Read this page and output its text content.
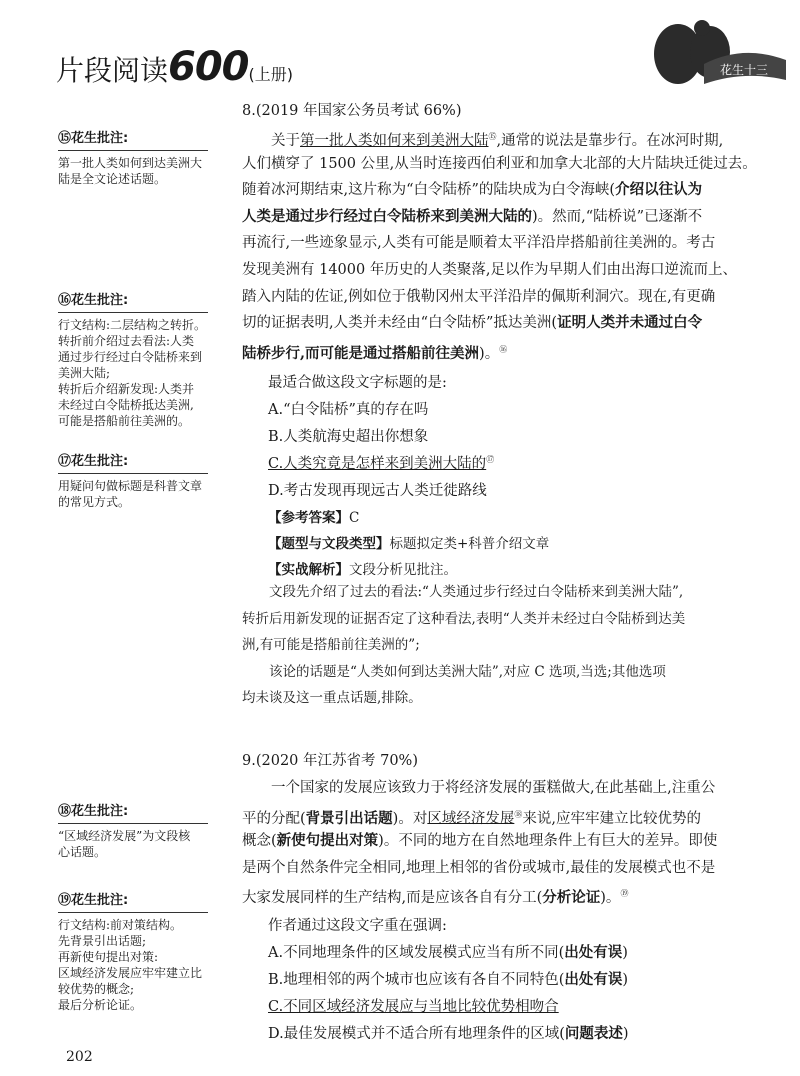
片段阅读600(上册)	花生十三
⑮花生批注:
第一批人类如何到达美洲大
陆是全文论述话题。
⑯花生批注:
行文结构:二层结构之转折。
转折前介绍过去看法:人类
通过步行经过白令陆桥来到
美洲大陆;
转折后介绍新发现:人类并
未经过白令陆桥抵达美洲,
可能是搭船前往美洲的。
⑰花生批注:
用疑问句做标题是科普文章
的常见方式。
⑱花生批注:
“区域经济发展”为文段核
心话题。
⑲花生批注:
行文结构:前对策结构。
先背景引出话题;
再新使句提出对策:
区域经济发展应牢牢建立比
较优势的概念;
最后分析论证。
8.(2019 年国家公务员考试 66%)
关于第一批人类如何来到美洲大陆⑮,通常的说法是靠步行。在冰河时期,
人们横穿了 1500 公里,从当时连接西伯利亚和加拿大北部的大片陆块迁徙过去。
随着冰河期结束,这片称为“白令陆桥”的陆块成为白令海峡(介绍以往认为
人类是通过步行经过白令陆桥来到美洲大陆的)。然而,“陆桥说”已逐渐不
再流行,一些迹象显示,人类有可能是顺着太平洋沿岸搭船前往美洲的。考古
发现美洲有 14000 年历史的人类聚落,足以作为早期人们由出海口逆流而上、
踏入内陆的佐证,例如位于俄勒冈州太平洋沿岸的佩斯利洞穴。现在,有更确
切的证据表明,人类并未经由“白令陆桥”抵达美洲(证明人类并未通过白令
陆桥步行,而可能是通过搭船前往美洲)。⑯
最适合做这段文字标题的是:
A.“白令陆桥”真的存在吗
B.人类航海史超出你想象
C.人类究竟是怎样来到美洲大陆的⑰
D.考古发现再现远古人类迁徙路线
【参考答案】C
【题型与文段类型】标题拟定类+科普介绍文章
【实战解析】文段分析见批注。
文段先介绍了过去的看法:“人类通过步行经过白令陆桥来到美洲大陆”,
转折后用新发现的证据否定了这种看法,表明“人类并未经过白令陆桥到达美
洲,有可能是搭船前往美洲的”;
该论的话题是“人类如何到达美洲大陆”,对应 C 选项,当选;其他选项
均未谈及这一重点话题,排除。
9.(2020 年江苏省考 70%)
一个国家的发展应该致力于将经济发展的蛋糕做大,在此基础上,注重公
平的分配(背景引出话题)。对区域经济发展⑱来说,应牢牢建立比较优势的
概念(新使句提出对策)。不同的地方在自然地理条件上有巨大的差异。即使
是两个自然条件完全相同,地理上相邻的省份或城市,最佳的发展模式也不是
大家发展同样的生产结构,而是应该各自有分工(分析论证)。⑲
作者通过这段文字重在强调:
A.不同地理条件的区域发展模式应当有所不同(出处有误)
B.地理相邻的两个城市也应该有各自不同特色(出处有误)
C.不同区域经济发展应与当地比较优势相吻合
D.最佳发展模式并不适合所有地理条件的区域(问题表述)
202
